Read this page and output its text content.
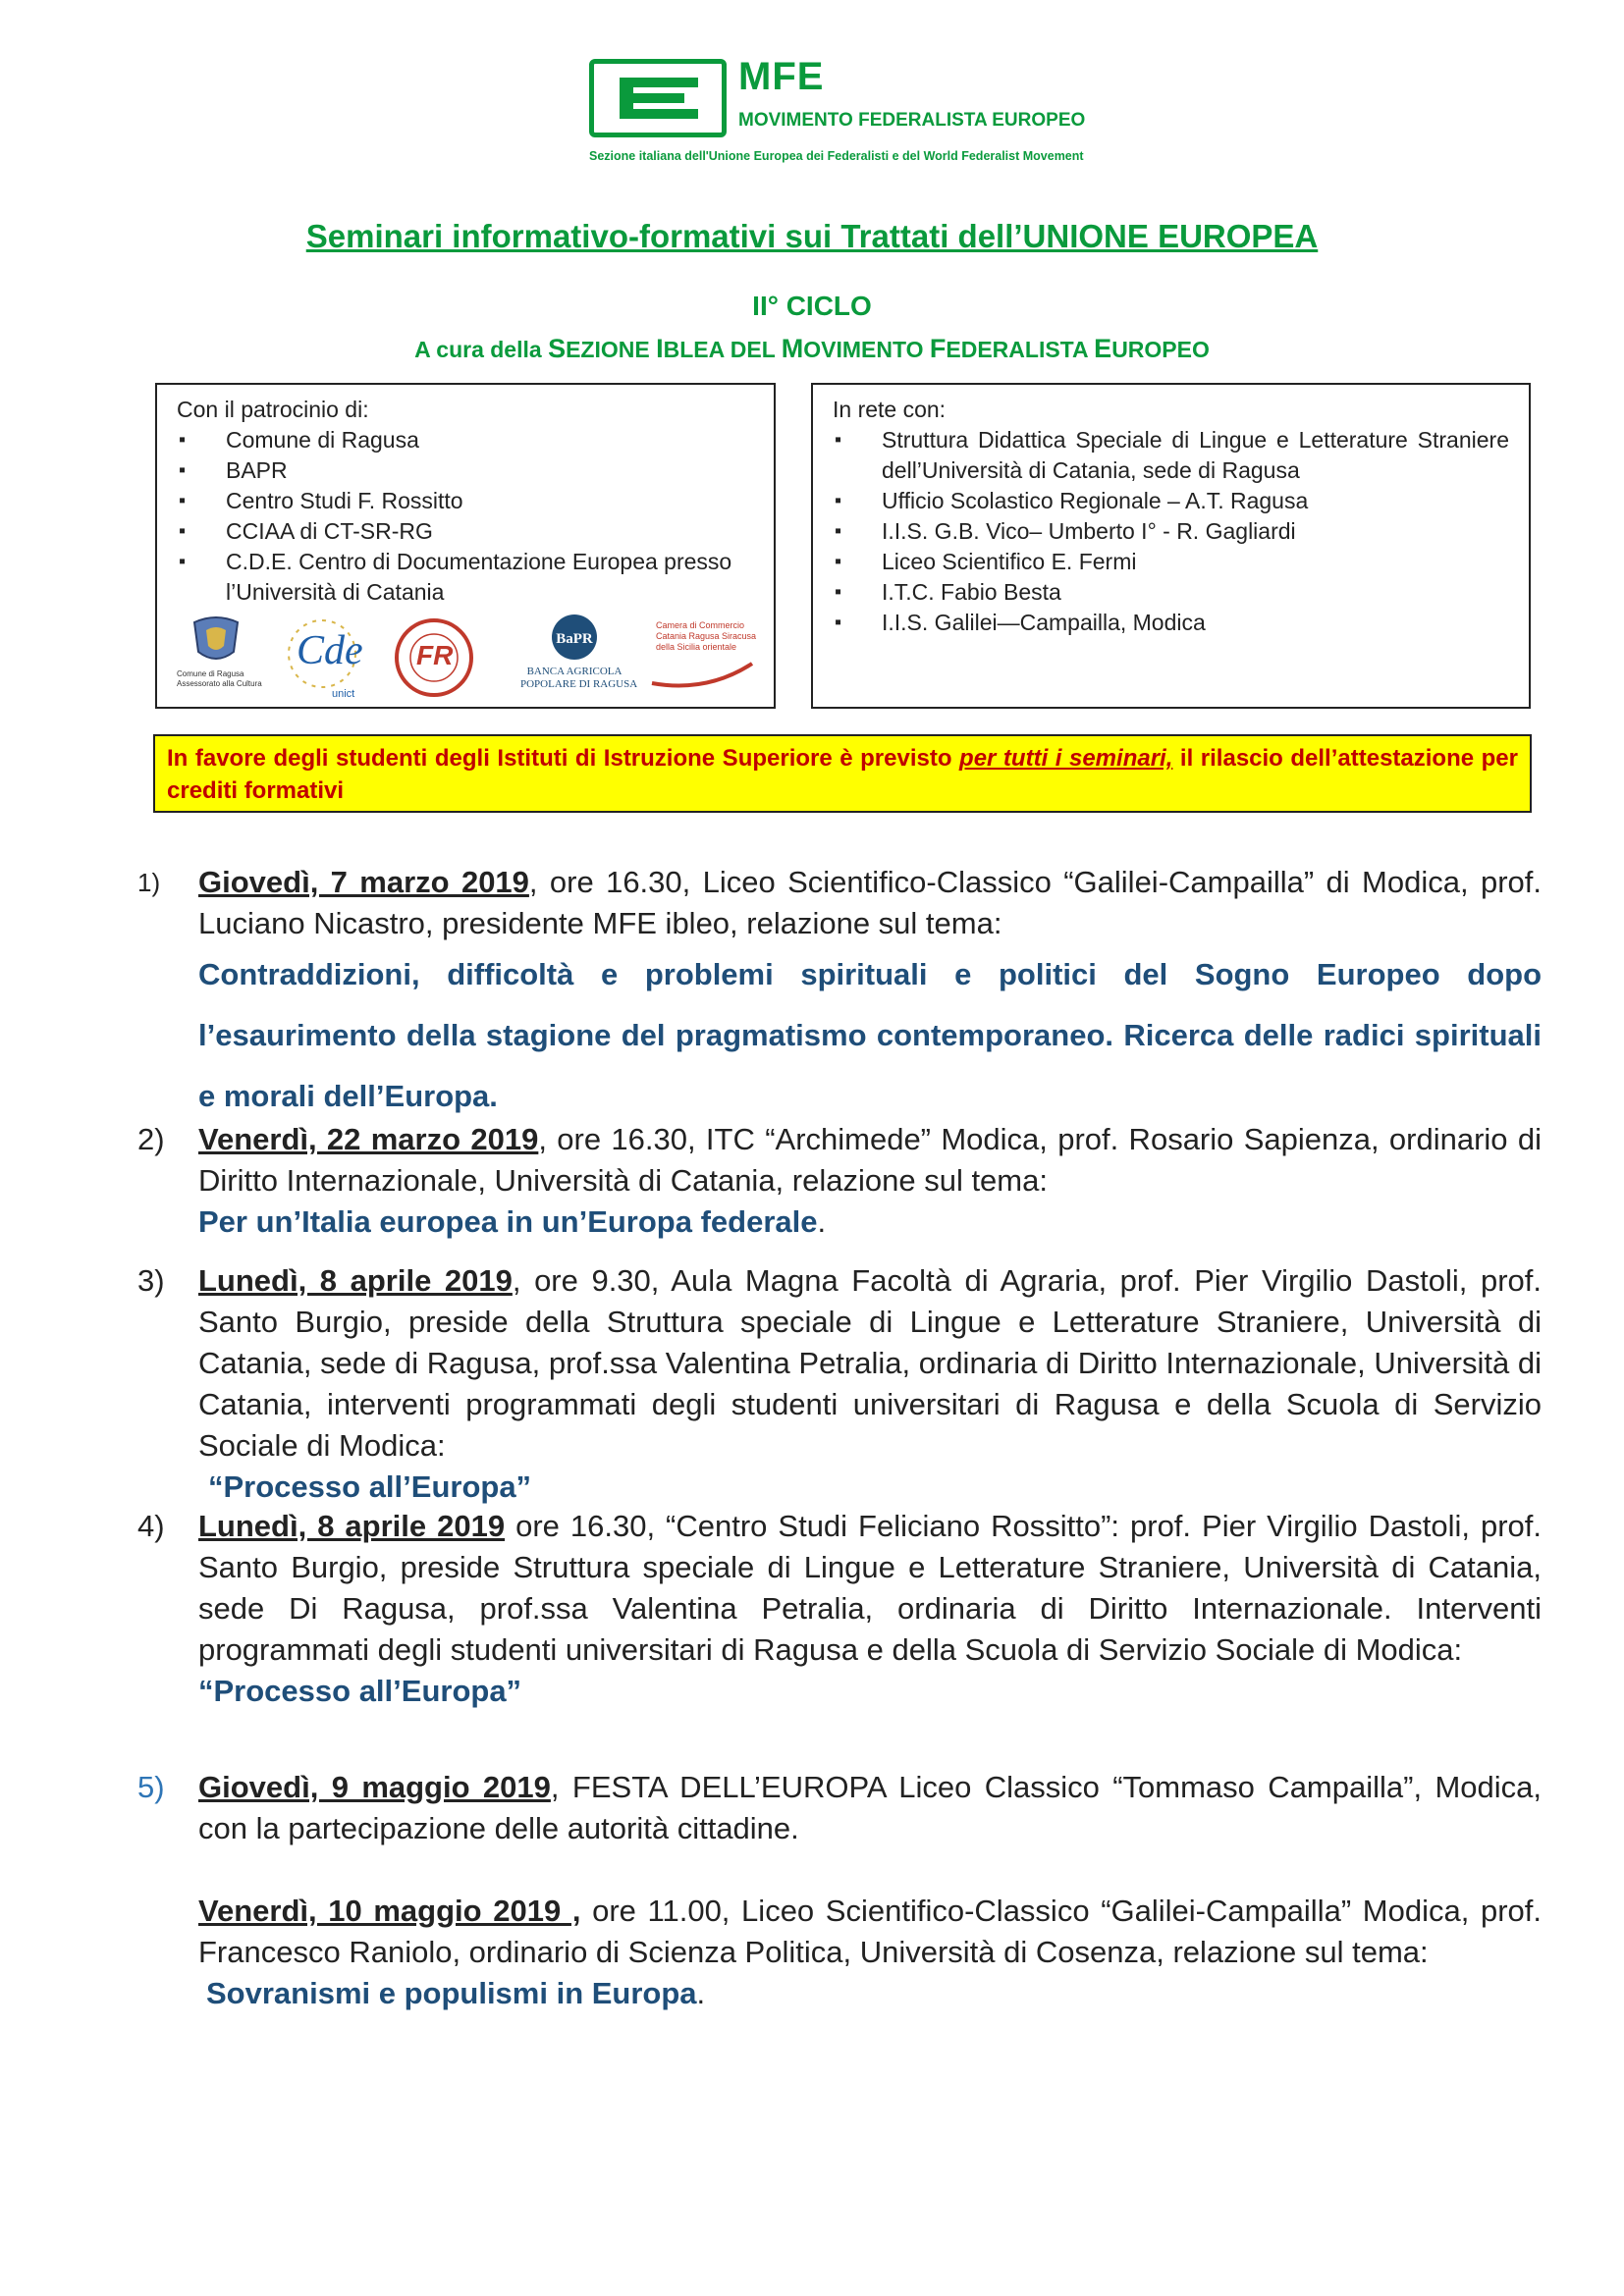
MFE
MOVIMENTO FEDERALISTA EUROPEO
Sezione italiana dell'Unione Europea dei Federalisti e del World Federalist Movement
Seminari informativo-formativi sui Trattati dell’UNIONE EUROPEA
II° CICLO
A cura della SEZIONE IBLEA DEL MOVIMENTO FEDERALISTA EUROPEO
Con il patrocinio di:
▪ Comune di Ragusa
▪ BAPR
▪ Centro Studi F. Rossitto
▪ CCIAA di CT-SR-RG
▪ C.D.E. Centro di Documentazione Europea presso l’Università di Catania
Comune di Ragusa
Assessorato alla Cultura
Cde
unict
FR
BaPR
BANCA AGRICOLA
POPOLARE DI RAGUSA
Camera di Commercio
Catania Ragusa Siracusa
della Sicilia orientale
In rete con:
▪ Struttura Didattica Speciale di Lingue e Letterature Straniere dell’Università di Catania, sede di Ragusa
▪ Ufficio Scolastico Regionale – A.T. Ragusa
▪ I.I.S. G.B. Vico– Umberto I° - R. Gagliardi
▪ Liceo Scientifico E. Fermi
▪ I.T.C. Fabio Besta
▪ I.I.S. Galilei—Campailla, Modica
In favore degli studenti degli Istituti di Istruzione Superiore è previsto per tutti i seminari, il rilascio dell’attestazione per crediti formativi
1)	Giovedì, 7 marzo 2019, ore 16.30, Liceo Scientifico-Classico “Galilei-Campailla” di Modica, prof. Luciano Nicastro, presidente MFE ibleo, relazione sul tema:
Contraddizioni, difficoltà e problemi spirituali e politici del Sogno Europeo dopo l’esaurimento della stagione del pragmatismo contemporaneo. Ricerca delle radici spirituali e morali dell’Europa.
2)	Venerdì, 22 marzo 2019, ore 16.30, ITC “Archimede” Modica, prof. Rosario Sapienza, ordinario di Diritto Internazionale, Università di Catania, relazione sul tema:
Per un’Italia europea in un’Europa federale.
3)	Lunedì, 8 aprile 2019, ore 9.30, Aula Magna Facoltà di Agraria, prof. Pier Virgilio Dastoli, prof. Santo Burgio, preside della Struttura speciale di Lingue e Letterature Straniere, Università di Catania, sede di Ragusa, prof.ssa Valentina Petralia, ordinaria di Diritto Internazionale, Università di Catania, interventi programmati degli studenti universitari di Ragusa e della Scuola di Servizio Sociale di Modica:
“Processo all’Europa”
4)	Lunedì, 8 aprile 2019 ore 16.30, “Centro Studi Feliciano Rossitto”: prof. Pier Virgilio Dastoli, prof. Santo Burgio, preside Struttura speciale di Lingue e Letterature Straniere, Università di Catania, sede Di Ragusa, prof.ssa Valentina Petralia, ordinaria di Diritto Internazionale. Interventi programmati degli studenti universitari di Ragusa e della Scuola di Servizio Sociale di Modica:
“Processo all’Europa”
5)	Giovedì, 9 maggio 2019, FESTA DELL’EUROPA Liceo Classico “Tommaso Campailla”, Modica, con la partecipazione delle autorità cittadine.
Venerdì, 10 maggio 2019 , ore 11.00, Liceo Scientifico-Classico “Galilei-Campailla” Modica, prof. Francesco Raniolo, ordinario di Scienza Politica, Università di Cosenza, relazione sul tema:
Sovranismi e populismi in Europa.
